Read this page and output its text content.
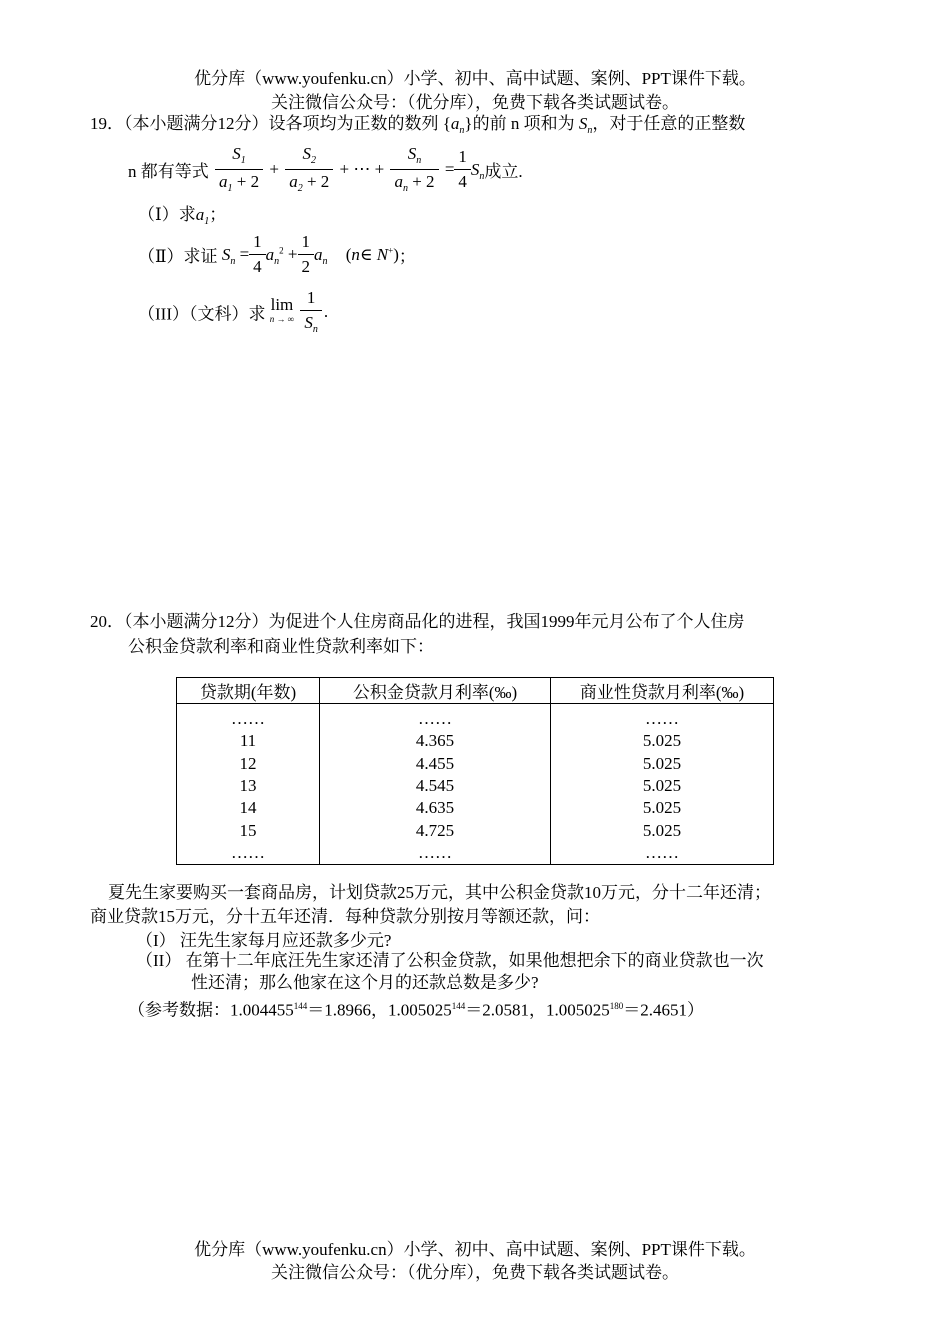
优分库（www.youfenku.cn）小学、初中、高中试题、案例、PPT课件下载。
关注微信公众号：（优分库），免费下载各类试题试卷。
19．（本小题满分12分）设各项均为正数的数列 $\{a_n\}$的前 n 项和为 $S_n$，对于任意的正整数
n 都有等式 $\frac{S_1}{a_1 + 2} + \frac{S_2}{a_2 + 2}$ + ⋯ + $\frac{S_n}{a_n + 2} = \frac{1}{4} S_n$成立.
（Ⅰ）求$a_1$；
（Ⅱ）求证 $S_n = \frac{1}{4} a_n^2 + \frac{1}{2} a_n$ (n∈ N+)；
（III）（文科）求 lim
n → ∞
$\frac{1}{S_n}$ .
20．（本小题满分12分）为促进个人住房商品化的进程，我国1999年元月公布了个人住房
公积金贷款利率和商业性贷款利率如下：
贷款期(年数)	公积金贷款月利率(‰)	商业性贷款月利率(‰)
……	……	……
11	4.365	5.025
12	4.455	5.025
13	4.545	5.025
14	4.635	5.025
15	4.725	5.025
……	……	……
夏先生家要购买一套商品房，计划贷款25万元，其中公积金贷款10万元，分十二年还清；
商业贷款15万元，分十五年还清．每种贷款分别按月等额还款，问：
（I） 汪先生家每月应还款多少元?
（II） 在第十二年底汪先生家还清了公积金贷款，如果他想把余下的商业贷款也一次
性还清；那么他家在这个月的还款总数是多少?
（参考数据：$1.004455^{144}=1.8966$，$1.005025^{144}=2.0581$，$1.005025^{180}=2.4651$）
优分库（www.youfenku.cn）小学、初中、高中试题、案例、PPT课件下载。
关注微信公众号：（优分库），免费下载各类试题试卷。
